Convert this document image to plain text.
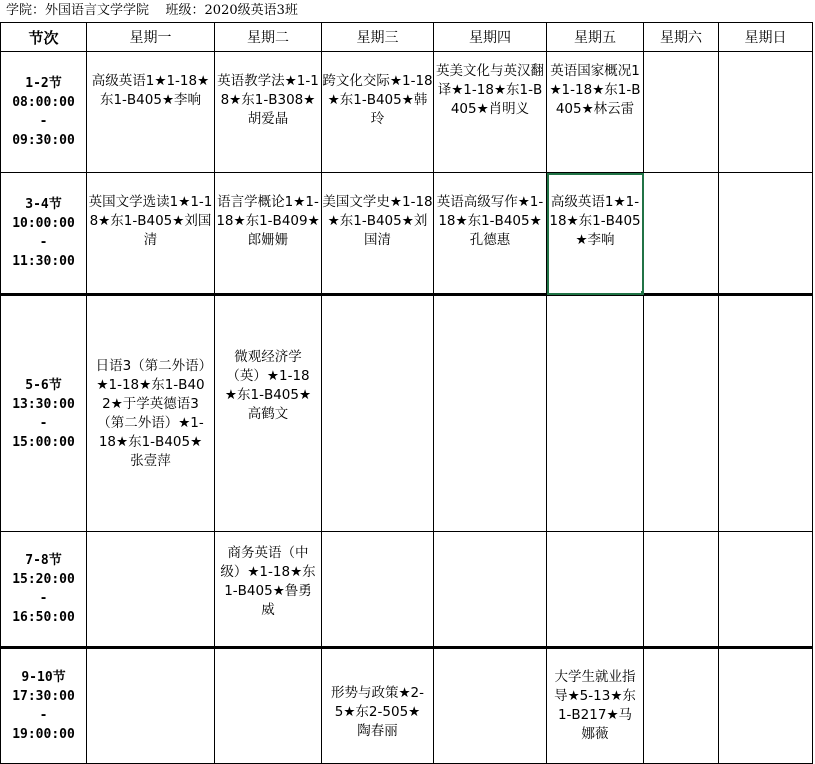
学院：外国语言文学学院    班级：2020级英语3班
节次	星期一	星期二	星期三	星期四	星期五	星期六	星期日

1-2节
08:00:00
-
09:30:00	高级英语1★1-18★东1-B405★李响	英语教学法★1-18★东1-B308★胡爱晶	跨文化交际★1-18★东1-B405★韩玲	英美文化与英汉翻译★1-18★东1-B405★肖明义	英语国家概况1★1-18★东1-B405★林云雷		

3-4节
10:00:00
-
11:30:00	英国文学选读1★1-18★东1-B405★刘国清	语言学概论1★1-18★东1-B409★郎姗姗	美国文学史★1-18★东1-B405★刘国清	英语高级写作★1-18★东1-B405★孔德惠	高级英语1★1-18★东1-B405★李响

5-6节
13:30:00
-
15:00:00	日语3（第二外语）★1-18★东1-B402★于学英德语3（第二外语）★1-18★东1-B405★张壹萍	微观经济学（英）★1-18★东1-B405★高鹤文					

7-8节
15:20:00
-
16:50:00		商务英语（中级）★1-18★东1-B405★鲁勇威					

9-10节
17:30:00
-
19:00:00			形势与政策★2-5★东2-505★陶春丽		大学生就业指导★5-13★东1-B217★马娜薇		
